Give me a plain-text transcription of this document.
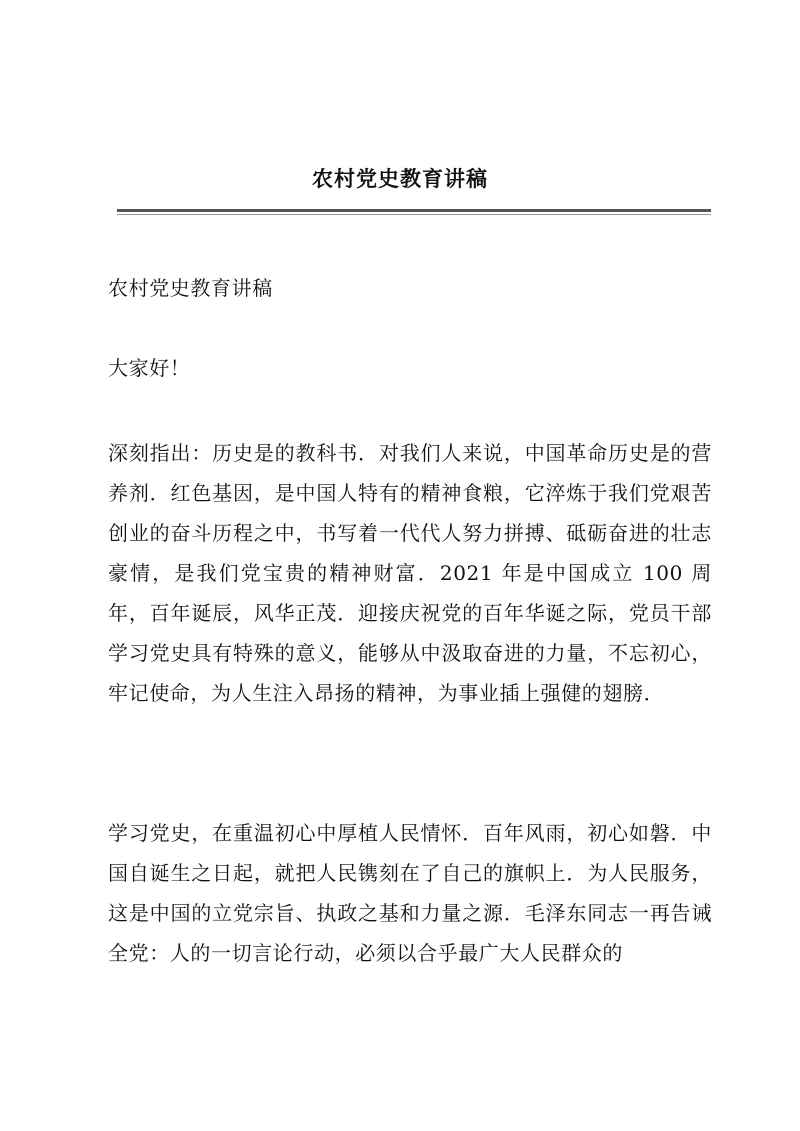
农村党史教育讲稿

农村党史教育讲稿

大家好！

深刻指出：历史是的教科书．对我们人来说，中国革命历史是的营养剂．红色基因，是中国人特有的精神食粮，它淬炼于我们党艰苦创业的奋斗历程之中，书写着一代代人努力拼搏、砥砺奋进的壮志豪情，是我们党宝贵的精神财富．2021 年是中国成立 100 周年，百年诞辰，风华正茂．迎接庆祝党的百年华诞之际，党员干部学习党史具有特殊的意义，能够从中汲取奋进的力量，不忘初心，牢记使命，为人生注入昂扬的精神，为事业插上强健的翅膀．

学习党史，在重温初心中厚植人民情怀．百年风雨，初心如磐．中国自诞生之日起，就把人民镌刻在了自己的旗帜上．为人民服务，这是中国的立党宗旨、执政之基和力量之源．毛泽东同志一再告诫全党：人的一切言论行动，必须以合乎最广大人民群众的
